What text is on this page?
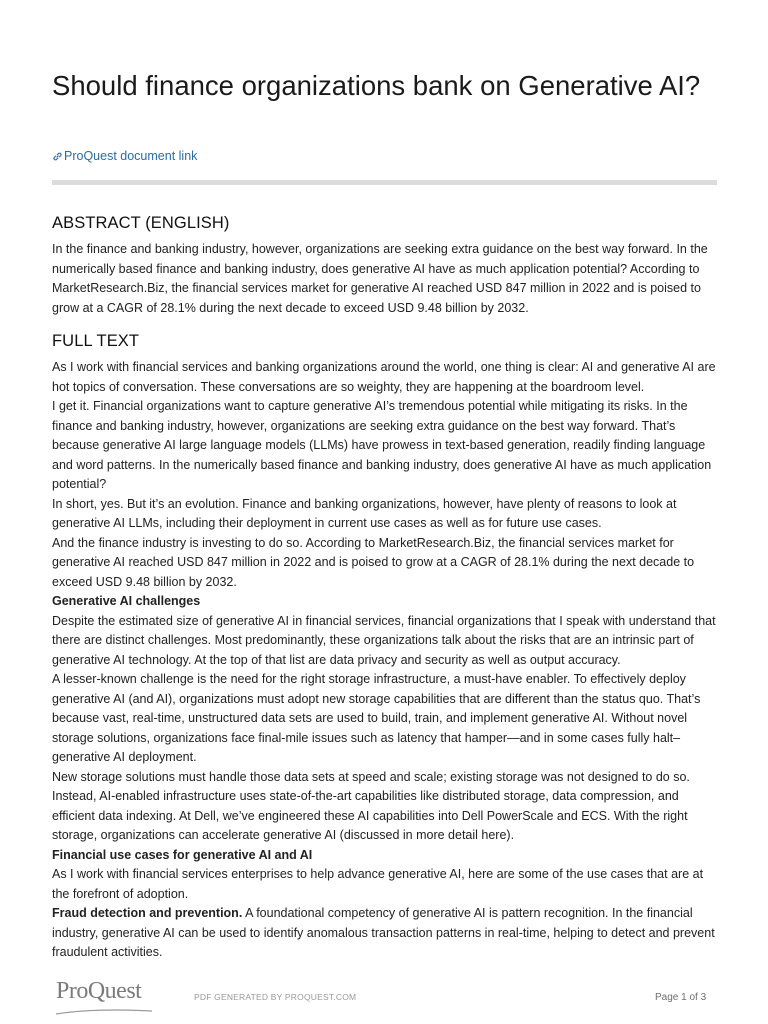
Should finance organizations bank on Generative AI?
ProQuest document link
ABSTRACT (ENGLISH)

In the finance and banking industry, however, organizations are seeking extra guidance on the best way forward. In the numerically based finance and banking industry, does generative AI have as much application potential? According to MarketResearch.Biz, the financial services market for generative AI reached USD 847 million in 2022 and is poised to grow at a CAGR of 28.1% during the next decade to exceed USD 9.48 billion by 2032.

FULL TEXT

As I work with financial services and banking organizations around the world, one thing is clear: AI and generative AI are hot topics of conversation. These conversations are so weighty, they are happening at the boardroom level.

I get it. Financial organizations want to capture generative AI’s tremendous potential while mitigating its risks. In the finance and banking industry, however, organizations are seeking extra guidance on the best way forward. That’s because generative AI large language models (LLMs) have prowess in text-based generation, readily finding language and word patterns. In the numerically based finance and banking industry, does generative AI have as much application potential?

In short, yes. But it’s an evolution. Finance and banking organizations, however, have plenty of reasons to look at generative AI LLMs, including their deployment in current use cases as well as for future use cases.

And the finance industry is investing to do so. According to MarketResearch.Biz, the financial services market for generative AI reached USD 847 million in 2022 and is poised to grow at a CAGR of 28.1% during the next decade to exceed USD 9.48 billion by 2032.

Generative AI challenges

Despite the estimated size of generative AI in financial services, financial organizations that I speak with understand that there are distinct challenges. Most predominantly, these organizations talk about the risks that are an intrinsic part of generative AI technology. At the top of that list are data privacy and security as well as output accuracy.

A lesser-known challenge is the need for the right storage infrastructure, a must-have enabler. To effectively deploy generative AI (and AI), organizations must adopt new storage capabilities that are different than the status quo. That’s because vast, real-time, unstructured data sets are used to build, train, and implement generative AI. Without novel storage solutions, organizations face final-mile issues such as latency that hamper—and in some cases fully halt–generative AI deployment.

New storage solutions must handle those data sets at speed and scale; existing storage was not designed to do so. Instead, AI-enabled infrastructure uses state-of-the-art capabilities like distributed storage, data compression, and efficient data indexing. At Dell, we’ve engineered these AI capabilities into Dell PowerScale and ECS. With the right storage, organizations can accelerate generative AI (discussed in more detail here).

Financial use cases for generative AI and AI

As I work with financial services enterprises to help advance generative AI, here are some of the use cases that are at the forefront of adoption.

Fraud detection and prevention. A foundational competency of generative AI is pattern recognition. In the financial industry, generative AI can be used to identify anomalous transaction patterns in real-time, helping to detect and prevent fraudulent activities.

ProQuest	PDF GENERATED BY PROQUEST.COM	Page 1 of 3
